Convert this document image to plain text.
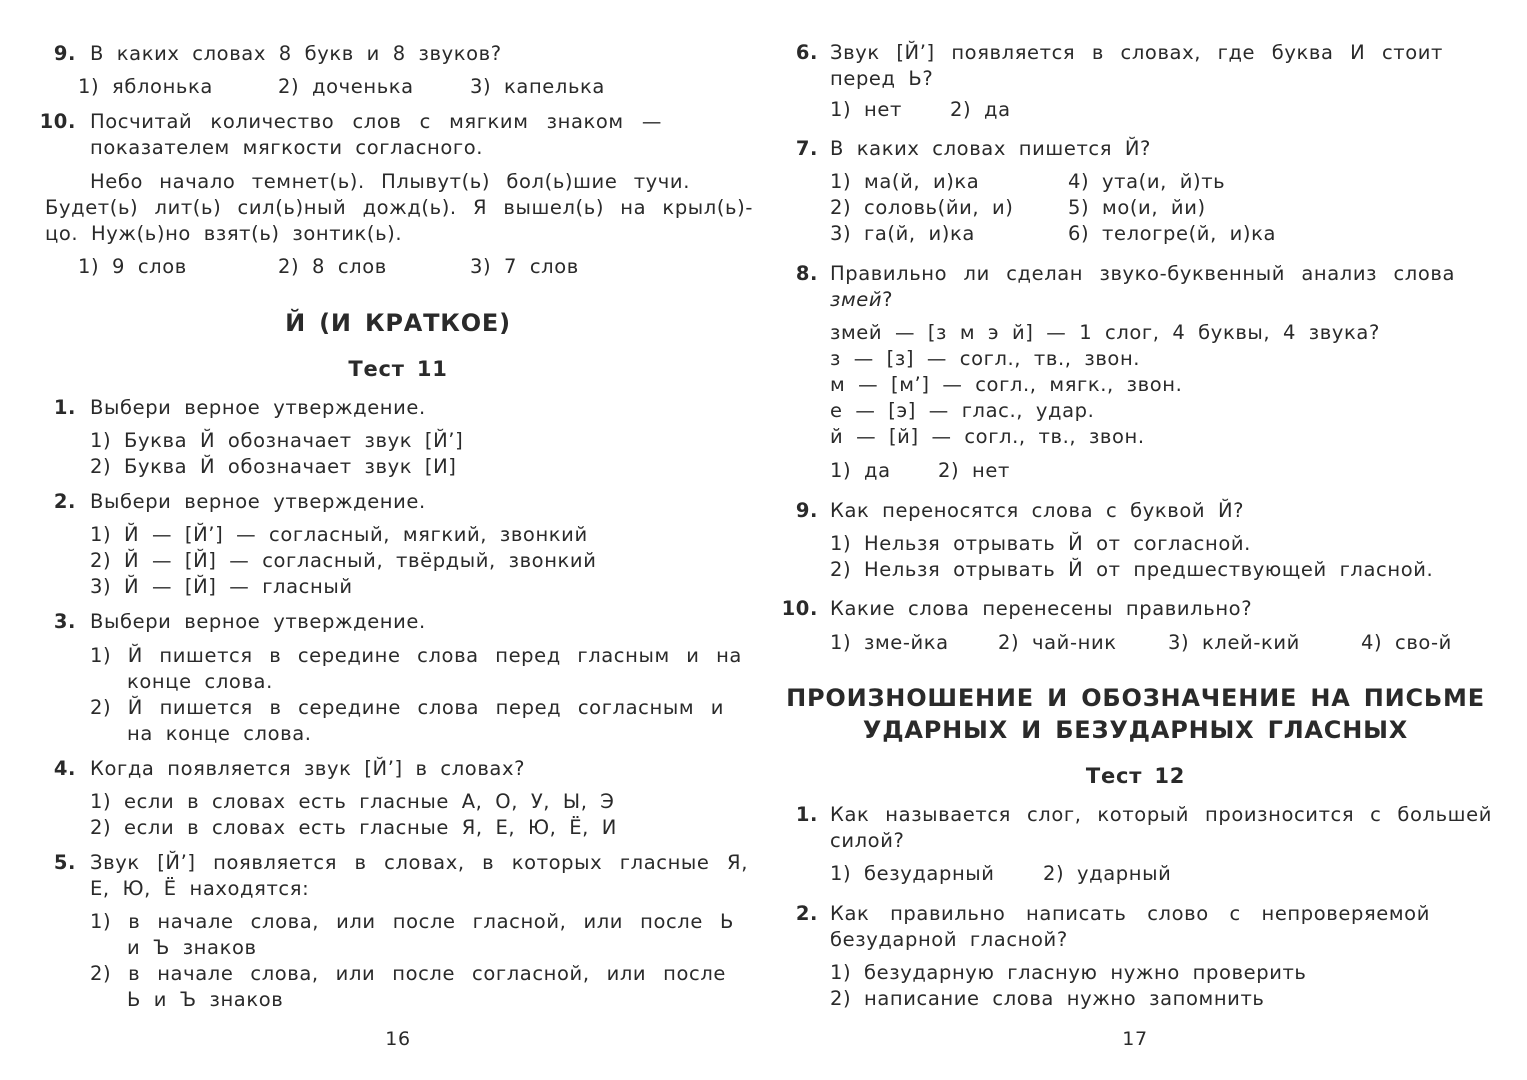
9. В каких словах 8 букв и 8 звуков?
1) яблонька	2) доченька	3) капелька
10. Посчитай количество слов с мягким знаком —
показателем мягкости согласного.
Небо начало темнет(ь). Плывут(ь) бол(ь)шие тучи.
Будет(ь) лит(ь) сил(ь)ный дожд(ь). Я вышел(ь) на крыл(ь)-
цо. Нуж(ь)но взят(ь) зонтик(ь).
1) 9 слов	2) 8 слов	3) 7 слов
Й (И КРАТКОЕ)
Тест 11
1. Выбери верное утверждение.
1) Буква Й обозначает звук [Й’]
2) Буква Й обозначает звук [И]
2. Выбери верное утверждение.
1) Й — [Й’] — согласный, мягкий, звонкий
2) Й — [Й] — согласный, твёрдый, звонкий
3) Й — [Й] — гласный
3. Выбери верное утверждение.
1) Й пишется в середине слова перед гласным и на
конце слова.
2) Й пишется в середине слова перед согласным и
на конце слова.
4. Когда появляется звук [Й’] в словах?
1) если в словах есть гласные А, О, У, Ы, Э
2) если в словах есть гласные Я, Е, Ю, Ё, И
5. Звук [Й’] появляется в словах, в которых гласные Я,
Е, Ю, Ё находятся:
1) в начале слова, или после гласной, или после Ь
и Ъ знаков
2) в начале слова, или после согласной, или после
Ь и Ъ знаков
16
6. Звук [Й’] появляется в словах, где буква И стоит
перед Ь?
1) нет 2) да
7. В каких словах пишется Й?
1) ма(й, и)ка
2) соловь(йи, и)
3) га(й, и)ка
4) ута(и, й)ть
5) мо(и, йи)
6) телогре(й, и)ка
8. Правильно ли сделан звуко-буквенный анализ слова
змей?
змей — [з м э й] — 1 слог, 4 буквы, 4 звука?
з — [з] — согл., тв., звон.
м — [м’] — согл., мягк., звон.
е — [э] — глас., удар.
й — [й] — согл., тв., звон.
1) да 2) нет
9. Как переносятся слова с буквой Й?
1) Нельзя отрывать Й от согласной.
2) Нельзя отрывать Й от предшествующей гласной.
10. Какие слова перенесены правильно?
1) зме-йка	2) чай-ник	3) клей-кий	4) сво-й
ПРОИЗНОШЕНИЕ И ОБОЗНАЧЕНИЕ НА ПИСЬМЕ
УДАРНЫХ И БЕЗУДАРНЫХ ГЛАСНЫХ
Тест 12
1. Как называется слог, который произносится с большей
силой?
1) безударный 2) ударный
2. Как правильно написать слово с непроверяемой
безударной гласной?
1) безударную гласную нужно проверить
2) написание слова нужно запомнить
17
